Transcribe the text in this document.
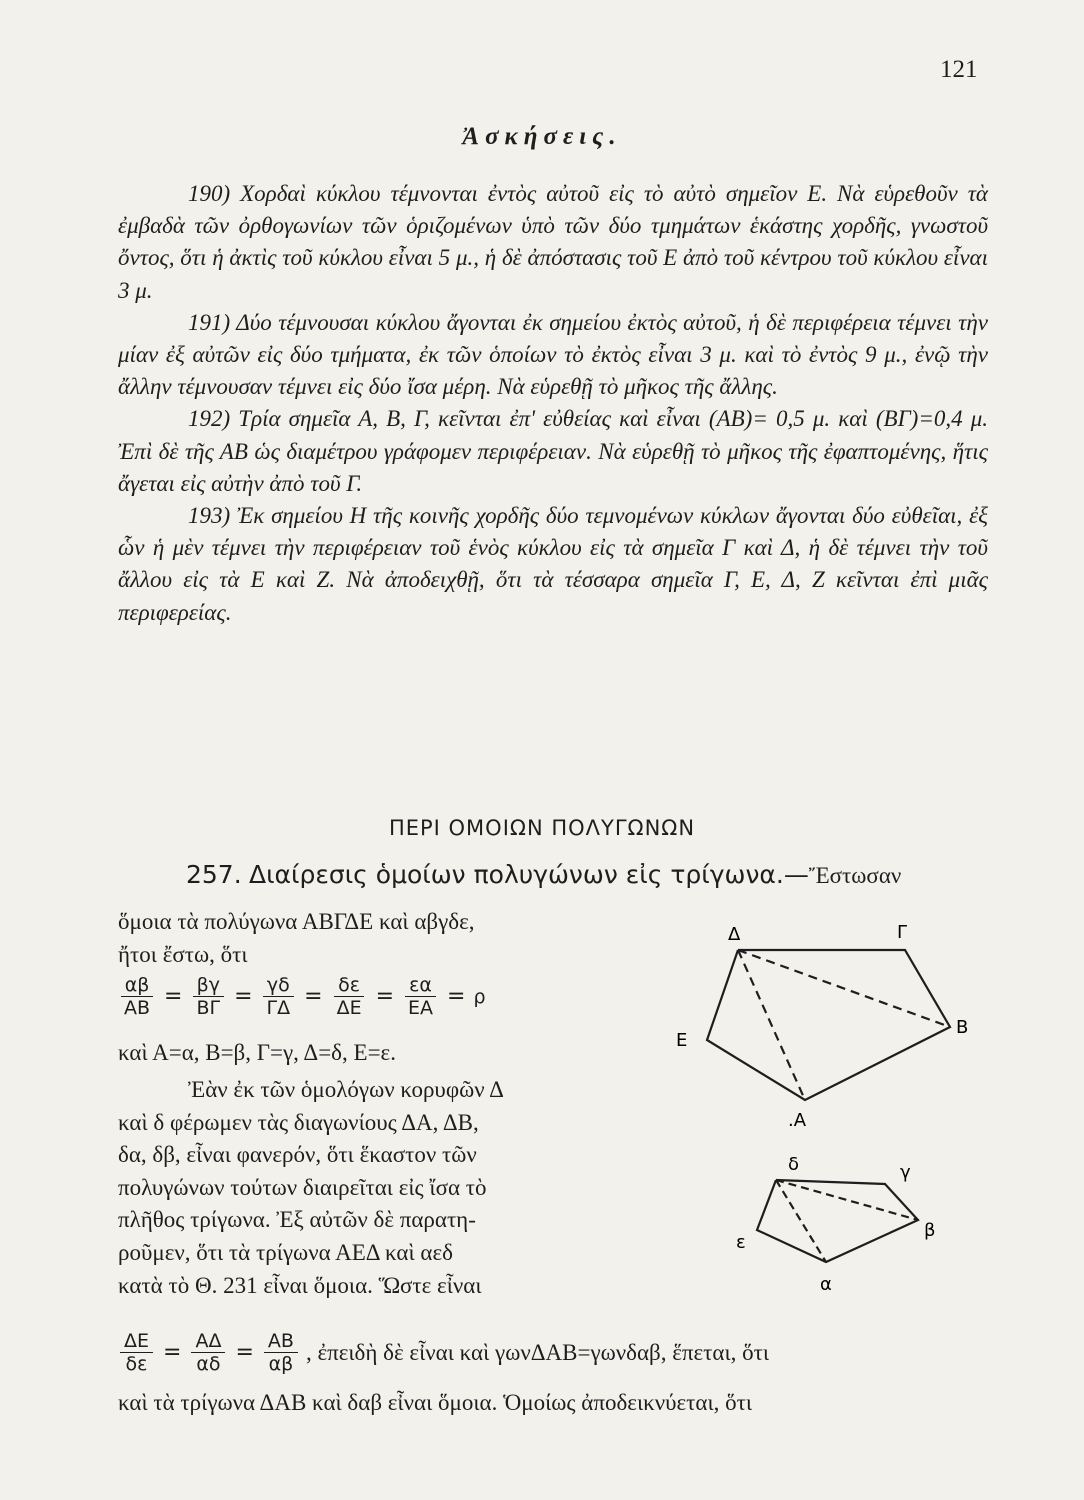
121
Ἀσκήσεις.

190) Χορδαὶ κύκλου τέμνονται ἐντὸς αὐτοῦ εἰς τὸ αὐτὸ σημεῖον Ε. Νὰ εὑρεθοῦν τὰ ἐμβαδὰ τῶν ὀρθογωνίων τῶν ὁριζομένων ὑπὸ τῶν δύο τμημάτων ἑκάστης χορδῆς, γνωστοῦ ὄντος, ὅτι ἡ ἀκτὶς τοῦ κύκλου εἶναι 5 μ., ἡ δὲ ἀπόστασις τοῦ Ε ἀπὸ τοῦ κέντρου τοῦ κύκλου εἶναι 3 μ.

191) Δύο τέμνουσαι κύκλου ἄγονται ἐκ σημείου ἐκτὸς αὐτοῦ, ἡ δὲ περιφέρεια τέμνει τὴν μίαν ἐξ αὐτῶν εἰς δύο τμήματα, ἐκ τῶν ὁποίων τὸ ἐκτὸς εἶναι 3 μ. καὶ τὸ ἐντὸς 9 μ., ἐνῷ τὴν ἄλλην τέμνουσαν τέμνει εἰς δύο ἴσα μέρη. Νὰ εὑρεθῇ τὸ μῆκος τῆς ἄλλης.

192) Τρία σημεῖα Α, Β, Γ, κεῖνται ἐπ' εὐθείας καὶ εἶναι (ΑΒ)= 0,5 μ. καὶ (ΒΓ)=0,4 μ. Ἐπὶ δὲ τῆς ΑΒ ὡς διαμέτρου γράφομεν περιφέρειαν. Νὰ εὑρεθῇ τὸ μῆκος τῆς ἐφαπτομένης, ἥτις ἄγεται εἰς αὐτὴν ἀπὸ τοῦ Γ.

193) Ἐκ σημείου Η τῆς κοινῆς χορδῆς δύο τεμνομένων κύκλων ἄγονται δύο εὐθεῖαι, ἐξ ὧν ἡ μὲν τέμνει τὴν περιφέρειαν τοῦ ἑνὸς κύκλου εἰς τὰ σημεῖα Γ καὶ Δ, ἡ δὲ τέμνει τὴν τοῦ ἄλλου εἰς τὰ Ε καὶ Ζ. Νὰ ἀποδειχθῇ, ὅτι τὰ τέσσαρα σημεῖα Γ, Ε, Δ, Ζ κεῖνται ἐπὶ μιᾶς περιφερείας.

ΠΕΡΙ ΟΜΟΙΩΝ ΠΟΛΥΓΩΝΩΝ
257. Διαίρεσις ὁμοίων πολυγώνων εἰς τρίγωνα.—Ἔστωσαν
ὅμοια τὰ πολύγωνα ΑΒΓΔΕ καὶ αβγδε,
ἤτοι ἔστω, ὅτι
$\frac{\alpha\beta}{AB} = \frac{\beta\gamma}{B\Gamma} = \frac{\gamma\delta}{\Gamma\Delta} = \frac{\delta\varepsilon}{\Delta E} = \frac{\varepsilon\alpha}{EA} = \rho$
καὶ Α=α, Β=β, Γ=γ, Δ=δ, Ε=ε.
Ἐὰν ἐκ τῶν ὁμολόγων κορυφῶν Δ
καὶ δ φέρωμεν τὰς διαγωνίους ΔΑ, ΔΒ,
δα, δβ, εἶναι φανερόν, ὅτι ἕκαστον τῶν
πολυγώνων τούτων διαιρεῖται εἰς ἴσα τὸ
πλῆθος τρίγωνα. Ἐξ αὐτῶν δὲ παρατη-
ροῦμεν, ὅτι τὰ τρίγωνα ΑΕΔ καὶ αεδ
κατὰ τὸ Θ. 231 εἶναι ὅμοια. Ὥστε εἶναι
$\frac{\Delta E}{\delta\varepsilon} = \frac{A\Delta}{\alpha\delta} = \frac{AB}{\alpha\beta}$ , ἐπειδὴ δὲ εἶναι καὶ γωνΔΑΒ=γωνδαβ, ἕπεται, ὅτι
καὶ τὰ τρίγωνα ΔΑΒ καὶ δαβ εἶναι ὅμοια. Ὁμοίως ἀποδεικνύεται, ὅτι
Δ	Γ
Ε
Β
.Α
δ	γ
ε
β
α
